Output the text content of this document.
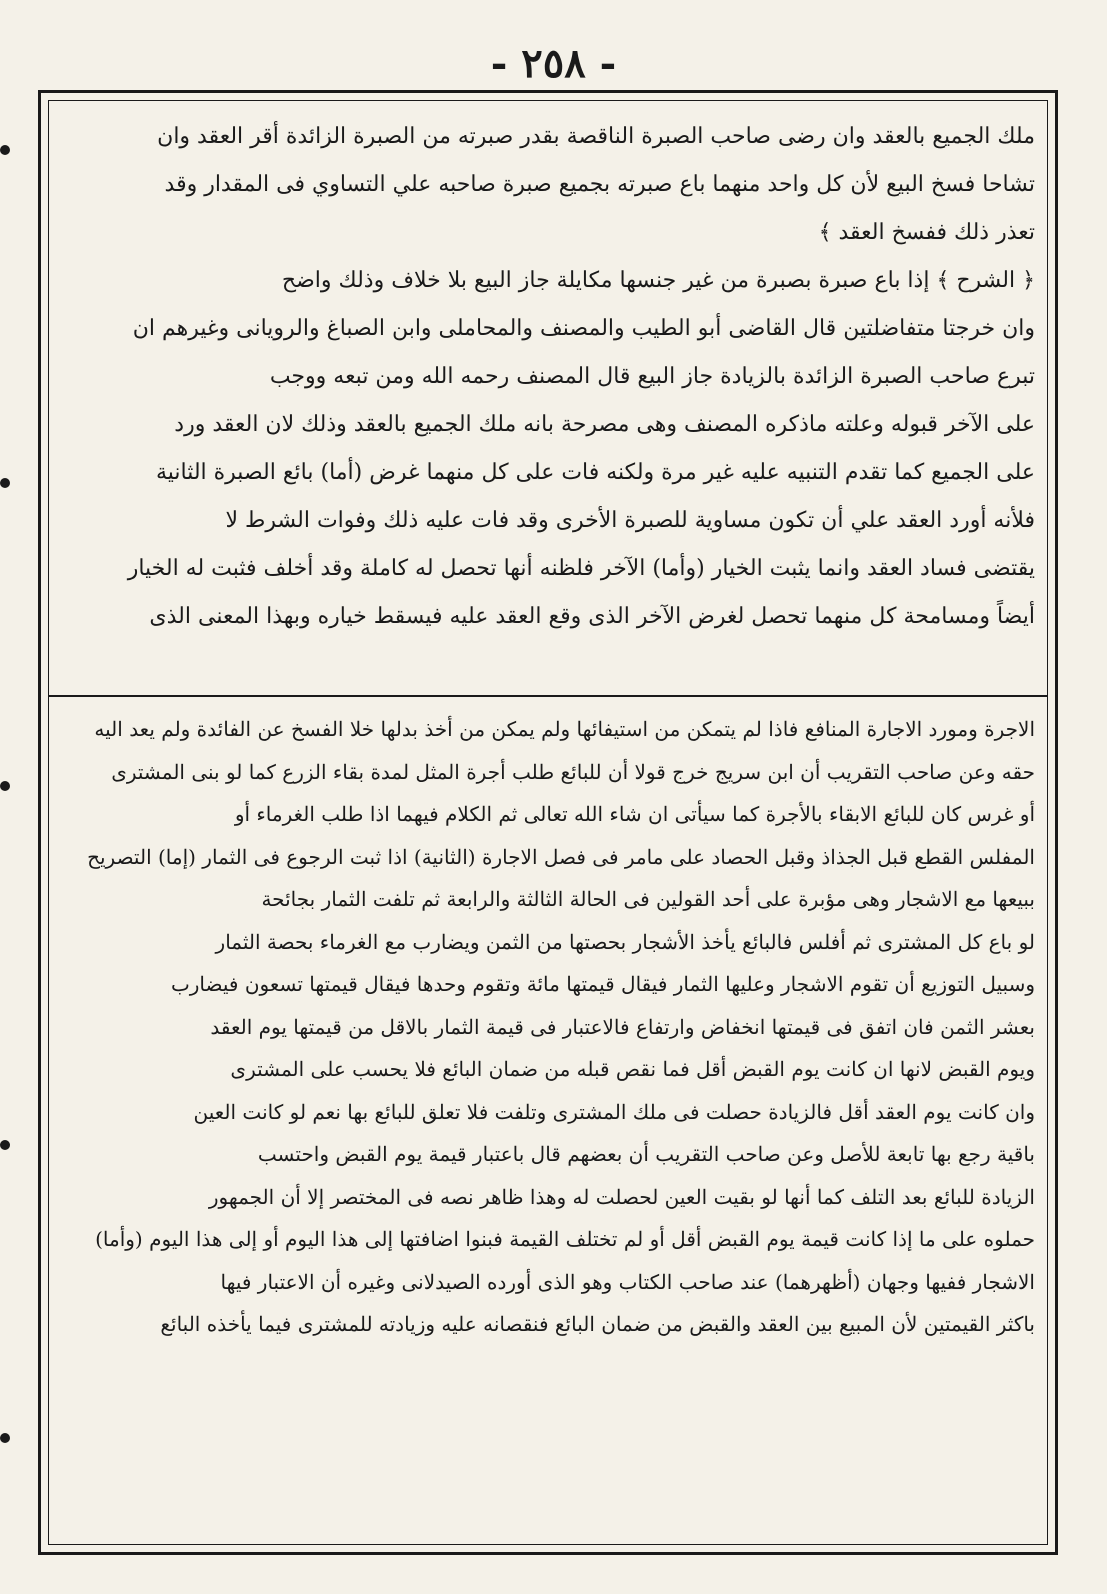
- ٢٥٨ -
ملك الجميع بالعقد وان رضى صاحب الصبرة الناقصة بقدر صبرته من الصبرة الزائدة أقر العقد وان
تشاحا فسخ البيع لأن كل واحد منهما باع صبرته بجميع صبرة صاحبه علي التساوي فى المقدار وقد
تعذر ذلك ففسخ العقد ﴾
﴿ الشرح ﴾ إذا باع صبرة بصبرة من غير جنسها مكايلة جاز البيع بلا خلاف وذلك واضح
وان خرجتا متفاضلتين قال القاضى أبو الطيب والمصنف والمحاملى وابن الصباغ والرويانى وغيرهم ان
تبرع صاحب الصبرة الزائدة بالزيادة جاز البيع قال المصنف رحمه الله ومن تبعه ووجب
على الآخر قبوله وعلته ماذكره المصنف وهى مصرحة بانه ملك الجميع بالعقد وذلك لان العقد ورد
على الجميع كما تقدم التنبيه عليه غير مرة ولكنه فات على كل منهما غرض (أما) بائع الصبرة الثانية
فلأنه أورد العقد علي أن تكون مساوية للصبرة الأخرى وقد فات عليه ذلك وفوات الشرط لا
يقتضى فساد العقد وانما يثبت الخيار (وأما) الآخر فلظنه أنها تحصل له كاملة وقد أخلف فثبت له الخيار
أيضاً ومسامحة كل منهما تحصل لغرض الآخر الذى وقع العقد عليه فيسقط خياره وبهذا المعنى الذى
الاجرة ومورد الاجارة المنافع فاذا لم يتمكن من استيفائها ولم يمكن من أخذ بدلها خلا الفسخ عن الفائدة ولم يعد اليه
حقه وعن صاحب التقريب أن ابن سريج خرج قولا أن للبائع طلب أجرة المثل لمدة بقاء الزرع كما لو بنى المشترى
أو غرس كان للبائع الابقاء بالأجرة كما سيأتى ان شاء الله تعالى ثم الكلام فيهما اذا طلب الغرماء أو
المفلس القطع قبل الجذاذ وقبل الحصاد على مامر فى فصل الاجارة (الثانية) اذا ثبت الرجوع فى الثمار (إما) التصريح
ببيعها مع الاشجار وهى مؤبرة على أحد القولين فى الحالة الثالثة والرابعة ثم تلفت الثمار بجائحة
لو باع كل المشترى ثم أفلس فالبائع يأخذ الأشجار بحصتها من الثمن ويضارب مع الغرماء بحصة الثمار
وسبيل التوزيع أن تقوم الاشجار وعليها الثمار فيقال قيمتها مائة وتقوم وحدها فيقال قيمتها تسعون فيضارب
بعشر الثمن فان اتفق فى قيمتها انخفاض وارتفاع فالاعتبار فى قيمة الثمار بالاقل من قيمتها يوم العقد
ويوم القبض لانها ان كانت يوم القبض أقل فما نقص قبله من ضمان البائع فلا يحسب على المشترى
وان كانت يوم العقد أقل فالزيادة حصلت فى ملك المشترى وتلفت فلا تعلق للبائع بها نعم لو كانت العين
باقية رجع بها تابعة للأصل وعن صاحب التقريب أن بعضهم قال باعتبار قيمة يوم القبض واحتسب
الزيادة للبائع بعد التلف كما أنها لو بقيت العين لحصلت له وهذا ظاهر نصه فى المختصر إلا أن الجمهور
حملوه على ما إذا كانت قيمة يوم القبض أقل أو لم تختلف القيمة فبنوا اضافتها إلى هذا اليوم أو إلى هذا اليوم (وأما)
الاشجار ففيها وجهان (أظهرهما) عند صاحب الكتاب وهو الذى أورده الصيدلانى وغيره أن الاعتبار فيها
باكثر القيمتين لأن المبيع بين العقد والقبض من ضمان البائع فنقصانه عليه وزيادته للمشترى فيما يأخذه البائع
